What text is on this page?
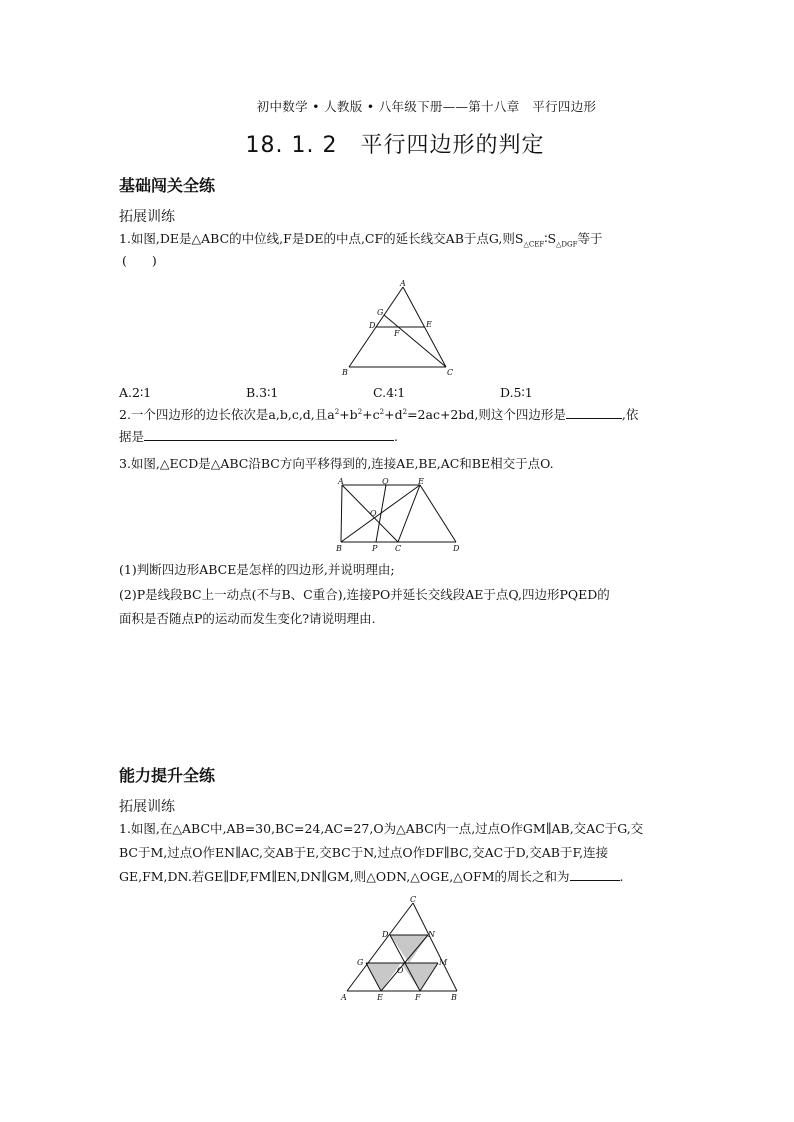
初中数学 • 人教版 • 八年级下册——第十八章　平行四边形
18. 1. 2　平行四边形的判定
基础闯关全练
拓展训练
1.如图,DE是△ABC的中位线,F是DE的中点,CF的延长线交AB于点G,则$S_{\triangle CEF}∶S_{\triangle DGF}$等于
(　　)
A
G
D
F
E
B	C
A.2∶1	B.3∶1	C.4∶1	D.5∶1
2.一个四边形的边长依次是a,b,c,d,且$a^2+b^2+c^2+d^2=2ac+2bd$,则这个四边形是	,依
据是	.
3.如图,△ECD是△ABC沿BC方向平移得到的,连接AE,BE,AC和BE相交于点O.
A	Q	E
O
B	P C	D
(1)判断四边形ABCE是怎样的四边形,并说明理由;
(2)P是线段BC上一动点(不与B、C重合),连接PO并延长交线段AE于点Q,四边形PQED的
面积是否随点P的运动而发生变化?请说明理由.
能力提升全练
拓展训练
1.如图,在△ABC中,AB=30,BC=24,AC=27,O为△ABC内一点,过点O作GM∥AB,交AC于G,交
BC于M,过点O作EN∥AC,交AB于E,交BC于N,过点O作DF∥BC,交AC于D,交AB于F,连接
GE,FM,DN.若GE∥DF,FM∥EN,DN∥GM,则△ODN,△OGE,△OFM的周长之和为	.
C
D	N
G
O
M
A	E	F	B
